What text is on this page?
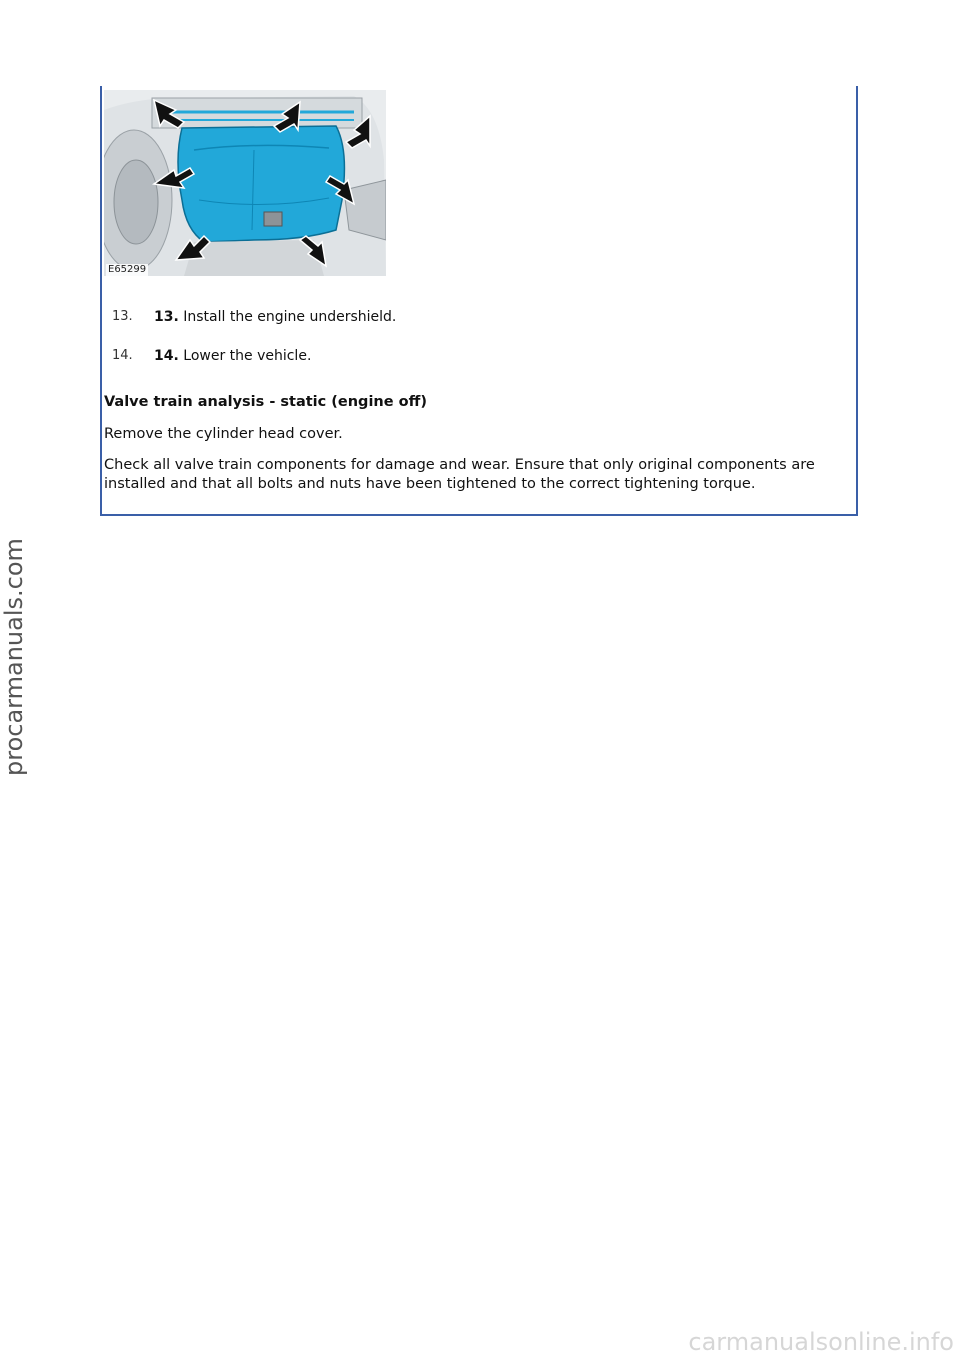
E65299
13. 13. Install the engine undershield.
14. 14. Lower the vehicle.
Valve train analysis - static (engine off)
Remove the cylinder head cover.
Check all valve train components for damage and wear. Ensure that only original components are installed and that all bolts and nuts have been tightened to the correct tightening torque.
procarmanuals.com
carmanualsonline.info
